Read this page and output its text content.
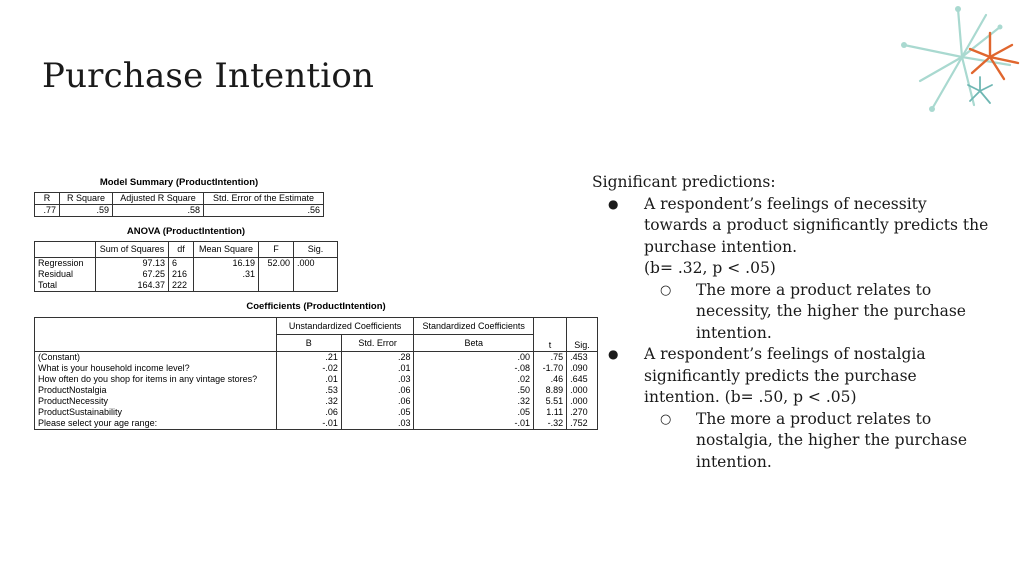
Purchase Intention
Model Summary (ProductIntention)
R	R Square	Adjusted R Square	Std. Error of the Estimate
.77	.59	.58	.56
ANOVA (ProductIntention)
	Sum of Squares	df	Mean Square	F	Sig.
Regression	97.13	6	16.19	52.00	.000
Residual	67.25	216	.31		
Total	164.37	222			
Coefficients (ProductIntention)
	Unstandardized Coefficients		Standardized Coefficients	t	Sig.
	B	Std. Error	Beta		
(Constant)	.21	.28	.00	.75	.453
What is your household income level?	-.02	.01	-.08	-1.70	.090
How often do you shop for items in any vintage stores?	.01	.03	.02	.46	.645
ProductNostalgia	.53	.06	.50	8.89	.000
ProductNecessity	.32	.06	.32	5.51	.000
ProductSustainability	.06	.05	.05	1.11	.270
Please select your age range:	-.01	.03	-.01	-.32	.752

Significant predictions:

● A respondent’s feelings of necessity towards a product significantly predicts the purchase intention.
(b= .32, p < .05)
○ The more a product relates to necessity, the higher the purchase intention.
● A respondent’s feelings of nostalgia significantly predicts the purchase intention. (b= .50, p < .05)
○ The more a product relates to nostalgia, the higher the purchase intention.
